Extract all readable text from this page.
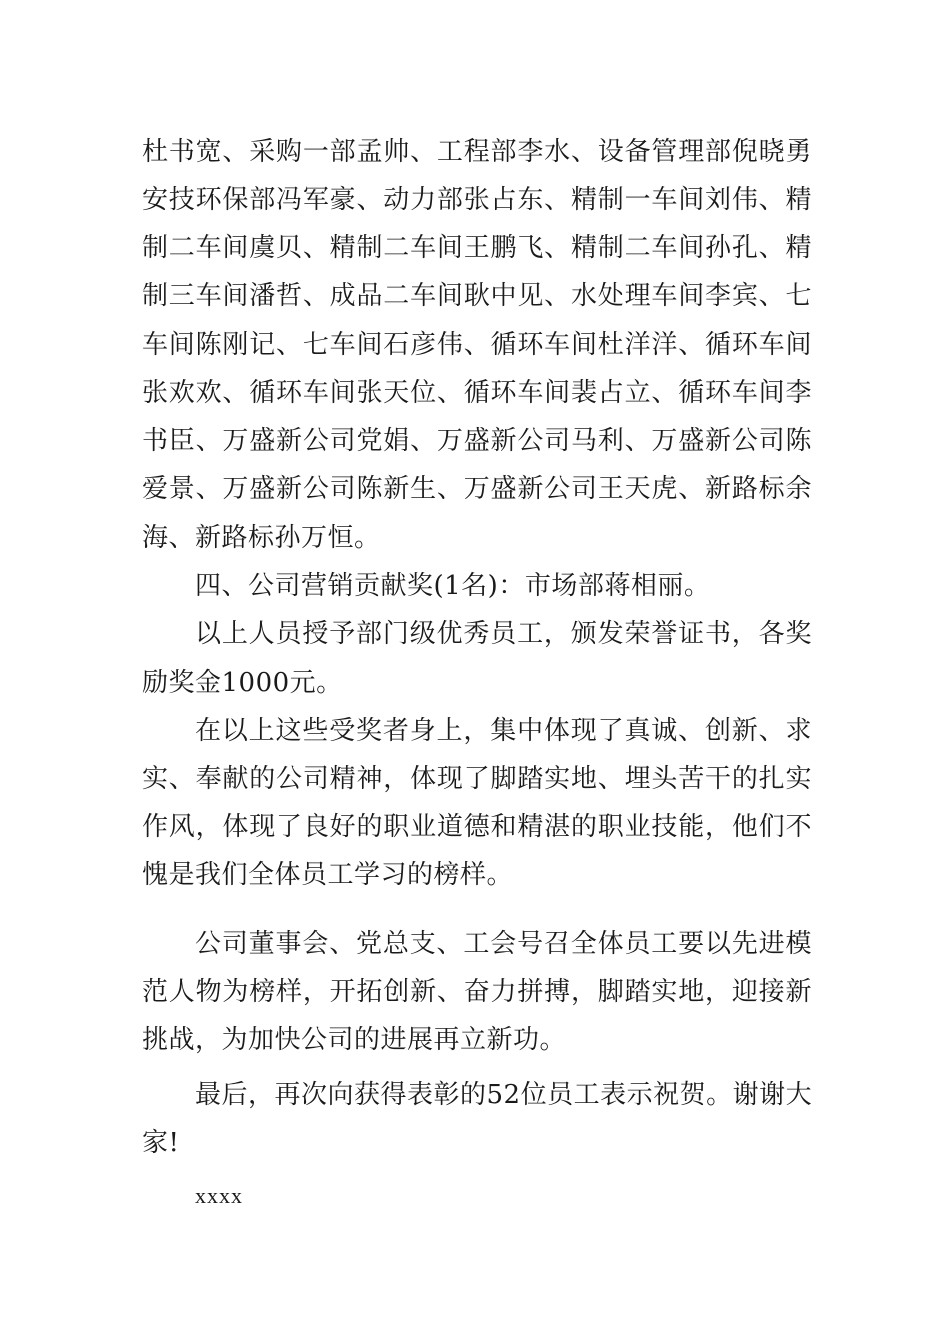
杜书宽、采购一部孟帅、工程部李水、设备管理部倪晓勇
安技环保部冯军豪、动力部张占东、精制一车间刘伟、精
制二车间虞贝、精制二车间王鹏飞、精制二车间孙孔、精
制三车间潘哲、成品二车间耿中见、水处理车间李宾、七
车间陈刚记、七车间石彦伟、循环车间杜洋洋、循环车间
张欢欢、循环车间张天位、循环车间裴占立、循环车间李
书臣、万盛新公司党娟、万盛新公司马利、万盛新公司陈
爱景、万盛新公司陈新生、万盛新公司王天虎、新路标余
海、新路标孙万恒。
四、公司营销贡献奖(1名)：市场部蒋相丽。
以上人员授予部门级优秀员工，颁发荣誉证书，各奖
励奖金1000元。
在以上这些受奖者身上，集中体现了真诚、创新、求
实、奉献的公司精神，体现了脚踏实地、埋头苦干的扎实
作风，体现了良好的职业道德和精湛的职业技能，他们不
愧是我们全体员工学习的榜样。
公司董事会、党总支、工会号召全体员工要以先进模
范人物为榜样，开拓创新、奋力拼搏，脚踏实地，迎接新
挑战，为加快公司的进展再立新功。
最后，再次向获得表彰的52位员工表示祝贺。谢谢大
家!
xxxx
